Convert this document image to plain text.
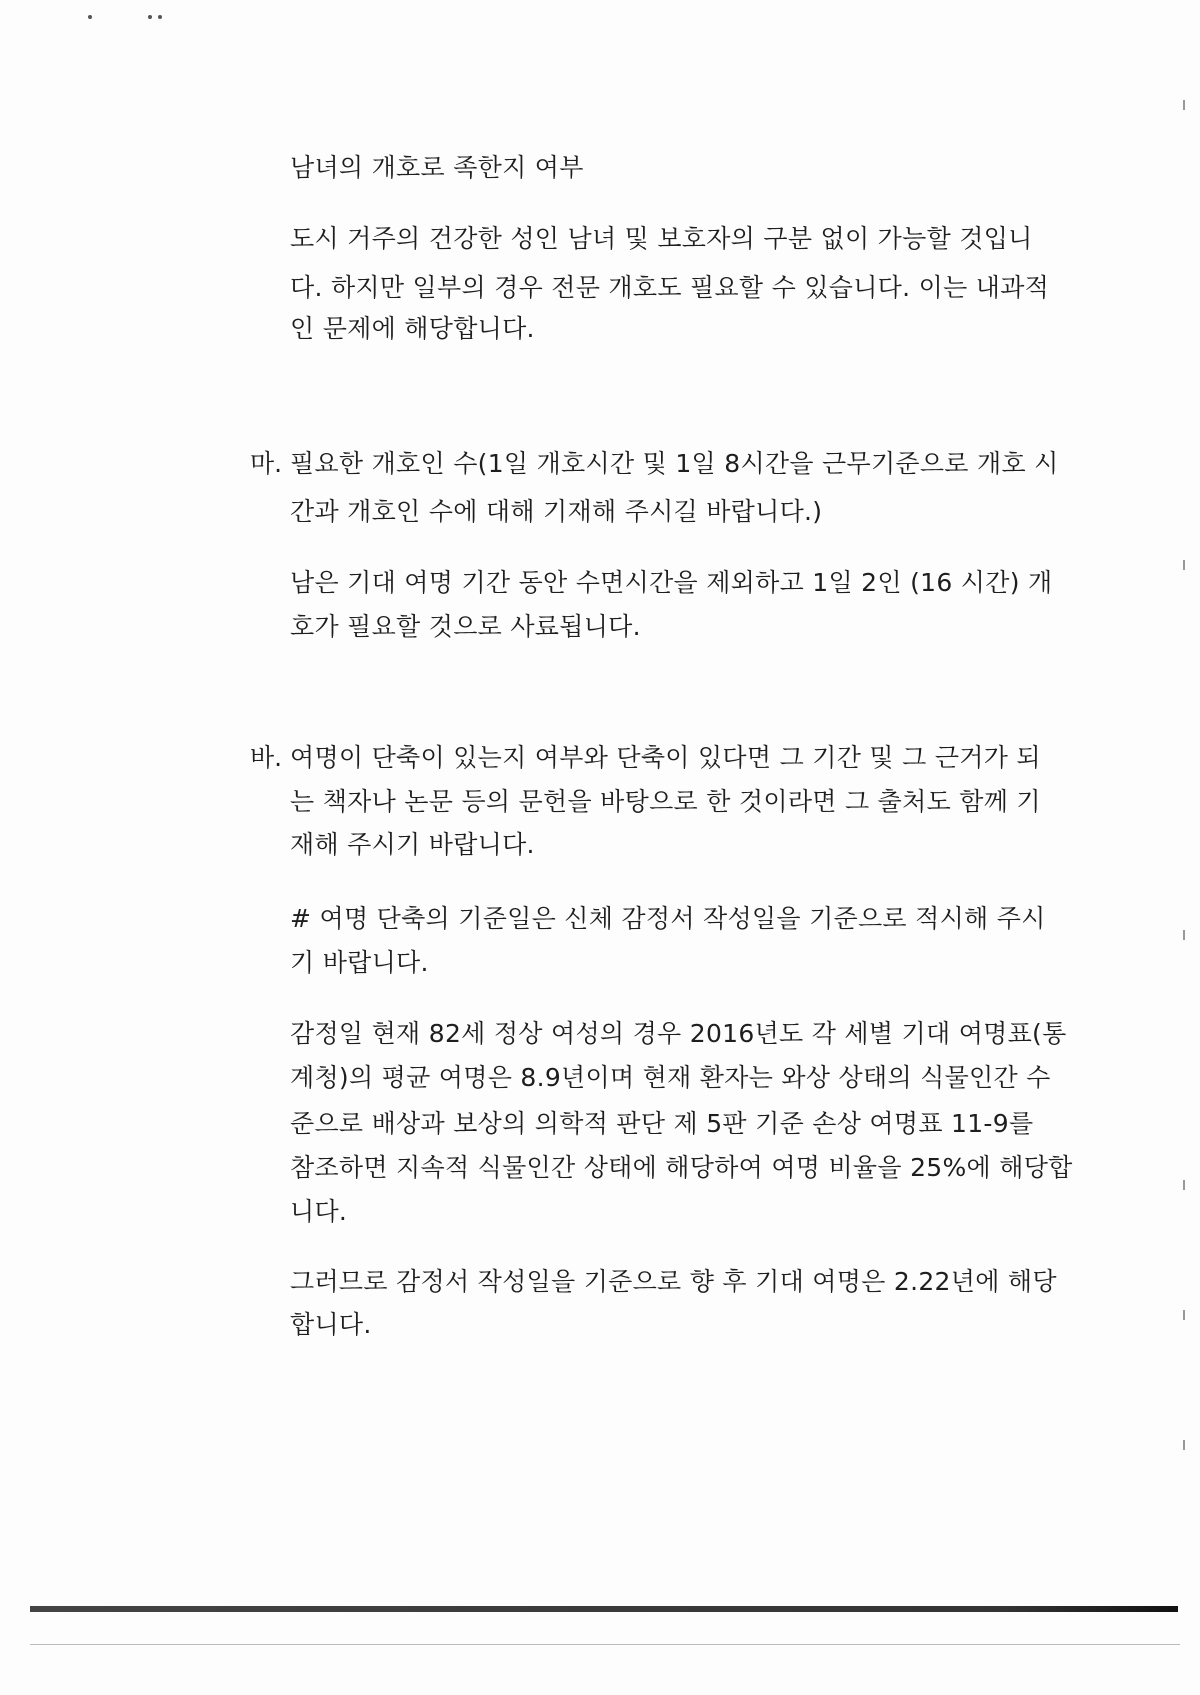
남녀의 개호로 족한지 여부
도시 거주의 건강한 성인 남녀 및 보호자의 구분 없이 가능할 것입니
다. 하지만 일부의 경우 전문 개호도 필요할 수 있습니다. 이는 내과적
인 문제에 해당합니다.
마. 필요한 개호인 수(1일 개호시간 및 1일 8시간을 근무기준으로 개호 시
간과 개호인 수에 대해 기재해 주시길 바랍니다.)
남은 기대 여명 기간 동안 수면시간을 제외하고 1일 2인 (16 시간) 개
호가 필요할 것으로 사료됩니다.
바. 여명이 단축이 있는지 여부와 단축이 있다면 그 기간 및 그 근거가 되
는 책자나 논문 등의 문헌을 바탕으로 한 것이라면 그 출처도 함께 기
재해 주시기 바랍니다.
# 여명 단축의 기준일은 신체 감정서 작성일을 기준으로 적시해 주시
기 바랍니다.
감정일 현재 82세 정상 여성의 경우 2016년도 각 세별 기대 여명표(통
계청)의 평균 여명은 8.9년이며 현재 환자는 와상 상태의 식물인간 수
준으로 배상과 보상의 의학적 판단 제 5판 기준 손상 여명표 11-9를
참조하면 지속적 식물인간 상태에 해당하여 여명 비율을 25%에 해당합
니다.
그러므로 감정서 작성일을 기준으로 향 후 기대 여명은 2.22년에 해당
합니다.
